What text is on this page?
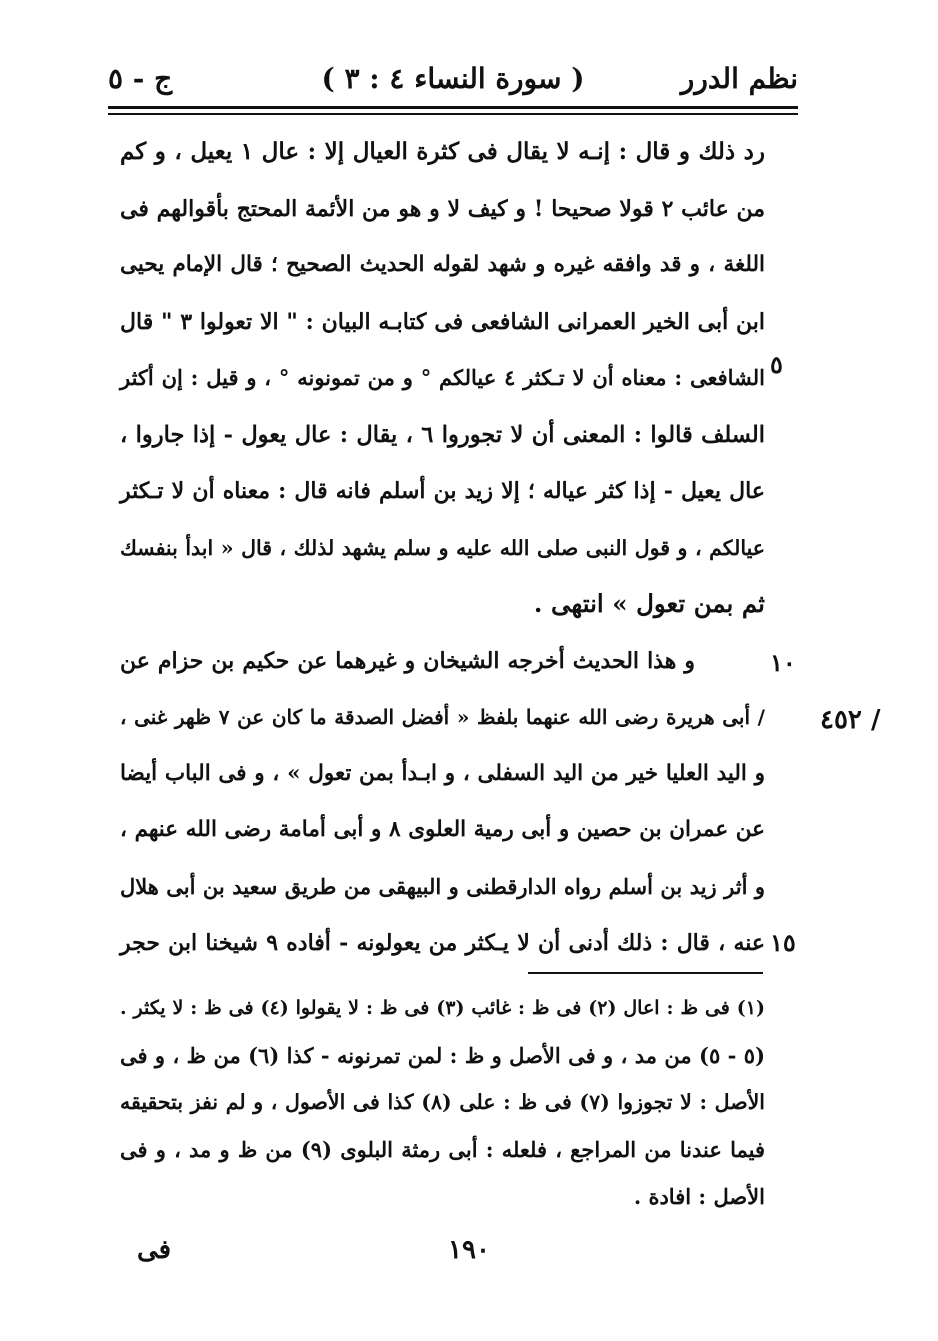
نظم الدرر
( سورة النساء ٤ : ٣ )
ج - ٥
رد ذلك و قال : إنـه لا يقال فى كثرة العيال إلا : عال ١ يعيل ، و كم
من عائب ٢ قولا صحيحا ! و كيف لا و هو من الأئمة المحتج بأقوالهم فى
اللغة ، و قد وافقه غيره و شهد لقوله الحديث الصحيح ؛ قال الإمام يحيى
ابن أبى الخير العمرانى الشافعى فى كتابـه البيان : " الا تعولوا ٣ " قال
الشافعى : معناه أن لا تـكثر ٤ عيالكم ° و من تمونونه ° ، و قيل : إن أكثر
السلف قالوا : المعنى أن لا تجوروا ٦ ، يقال : عال يعول - إذا جاروا ،
عال يعيل - إذا كثر عياله ؛ إلا زيد بن أسلم فانه قال : معناه أن لا تـكثر
عيالكم ، و قول النبى صلى الله عليه و سلم يشهد لذلك ، قال « ابدأ بنفسك
ثم بمن تعول » انتهى .
و هذا الحديث أخرجه الشيخان و غيرهما عن حكيم بن حزام عن
/ أبى هريرة رضى الله عنهما بلفظ « أفضل الصدقة ما كان عن ٧ ظهر غنى ،
و اليد العليا خير من اليد السفلى ، و ابـدأ بمن تعول » ، و فى الباب أيضا
عن عمران بن حصين و أبى رمية العلوى ٨ و أبى أمامة رضى الله عنهم ،
و أثر زيد بن أسلم رواه الدارقطنى و البيهقى من طريق سعيد بن أبى هلال
عنه ، قال : ذلك أدنى أن لا يـكثر من يعولونه - أفاده ٩ شيخنا ابن حجر
٥
١٠
١٥
/ ٤٥٢
(١) فى ظ : اعال (٢) فى ظ : غائب (٣) فى ظ : لا يقولوا (٤) فى ظ : لا يكثر .
(٥ - ٥) من مد ، و فى الأصل و ظ : لمن تمرنونه - كذا (٦) من ظ ، و فى
الأصل : لا تجوزوا (٧) فى ظ : على (٨) كذا فى الأصول ، و لم نفز بتحقيقه
فيما عندنا من المراجع ، فلعله : أبى رمثة البلوى (٩) من ظ و مد ، و فى
الأصل : افادة .
١٩٠
فى
